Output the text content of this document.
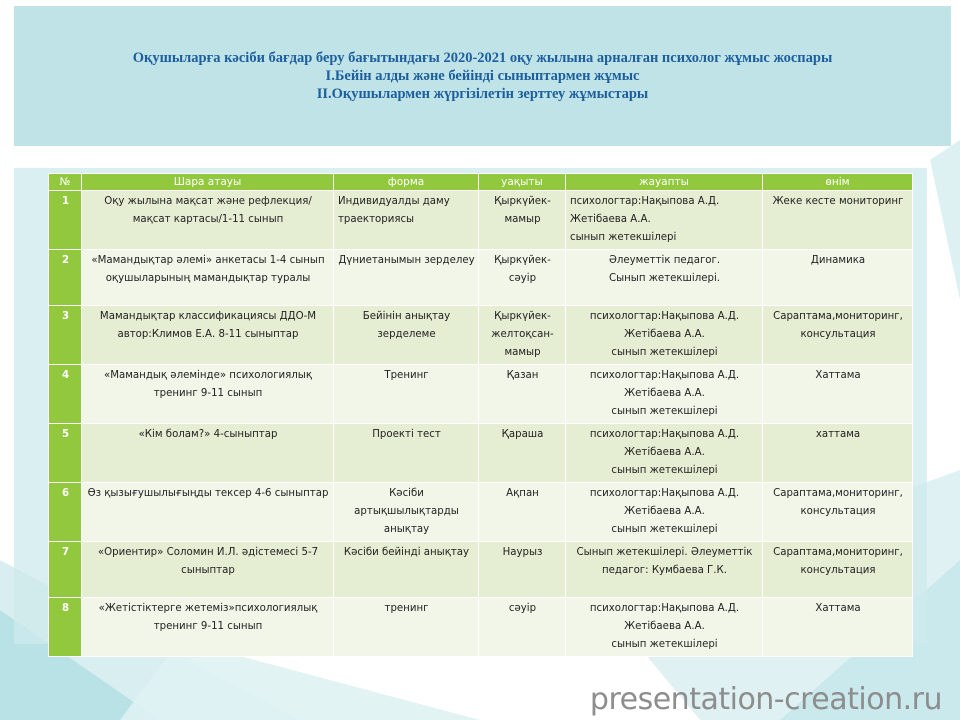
Оқушыларға кәсіби бағдар беру бағытындағы 2020-2021 оқу жылына арналған психолог жұмыс жоспары
І.Бейін алды және бейінді сыныптармен жұмыс
ІІ.Оқушылармен жүргізілетін зерттеу жұмыстары
№	Шара атауы	форма	уақыты	жауапты	өнім
1	Оқу жылына мақсат және рефлекция/мақсат картасы/1-11 сынып	Индивидуалды даму траекториясы	Қыркүйек-мамыр	психологтар:Нақыпова А.Д.
Жетібаева А.А.
сынып жетекшілері	Жеке кесте мониторинг
2	«Мамандықтар әлемі» анкетасы 1-4 сынып оқушыларының мамандықтар туралы	Дүниетанымын зерделеу	Қыркүйек-сәуір	Әлеуметтік педагог.
Сынып жетекшілері.	Динамика
3	Мамандықтар классификациясы ДДО-М автор:Климов Е.А. 8-11 сыныптар	Бейінін анықтау зерделеме	Қыркүйек-желтоқсан-мамыр	психологтар:Нақыпова А.Д.
Жетібаева А.А.
сынып жетекшілері	Сараптама,мониторинг, консультация
4	«Мамандық әлемінде» психологиялық тренинг 9-11 сынып	Тренинг	Қазан	психологтар:Нақыпова А.Д.
Жетібаева А.А.
сынып жетекшілері	Хаттама
5	«Кім болам?» 4-сыныптар	Проекті тест	Қараша	психологтар:Нақыпова А.Д.
Жетібаева А.А.
сынып жетекшілері	хаттама
6	Өз қызығушылығыңды тексер 4-6 сыныптар	Кәсіби артықшылықтарды анықтау	Ақпан	психологтар:Нақыпова А.Д.
Жетібаева А.А.
сынып жетекшілері	Сараптама,мониторинг, консультация
7	«Ориентир» Соломин И.Л. әдістемесі 5-7 сыныптар	Кәсіби бейінді анықтау	Наурыз	Сынып жетекшілері. Әлеуметтік педагог: Кумбаева Г.К.	Сараптама,мониторинг, консультация
8	«Жетістіктерге жетеміз»психологиялық тренинг 9-11 сынып	тренинг	сәуір	психологтар:Нақыпова А.Д.
Жетібаева А.А.
сынып жетекшілері	Хаттама
presentation-creation.ru
